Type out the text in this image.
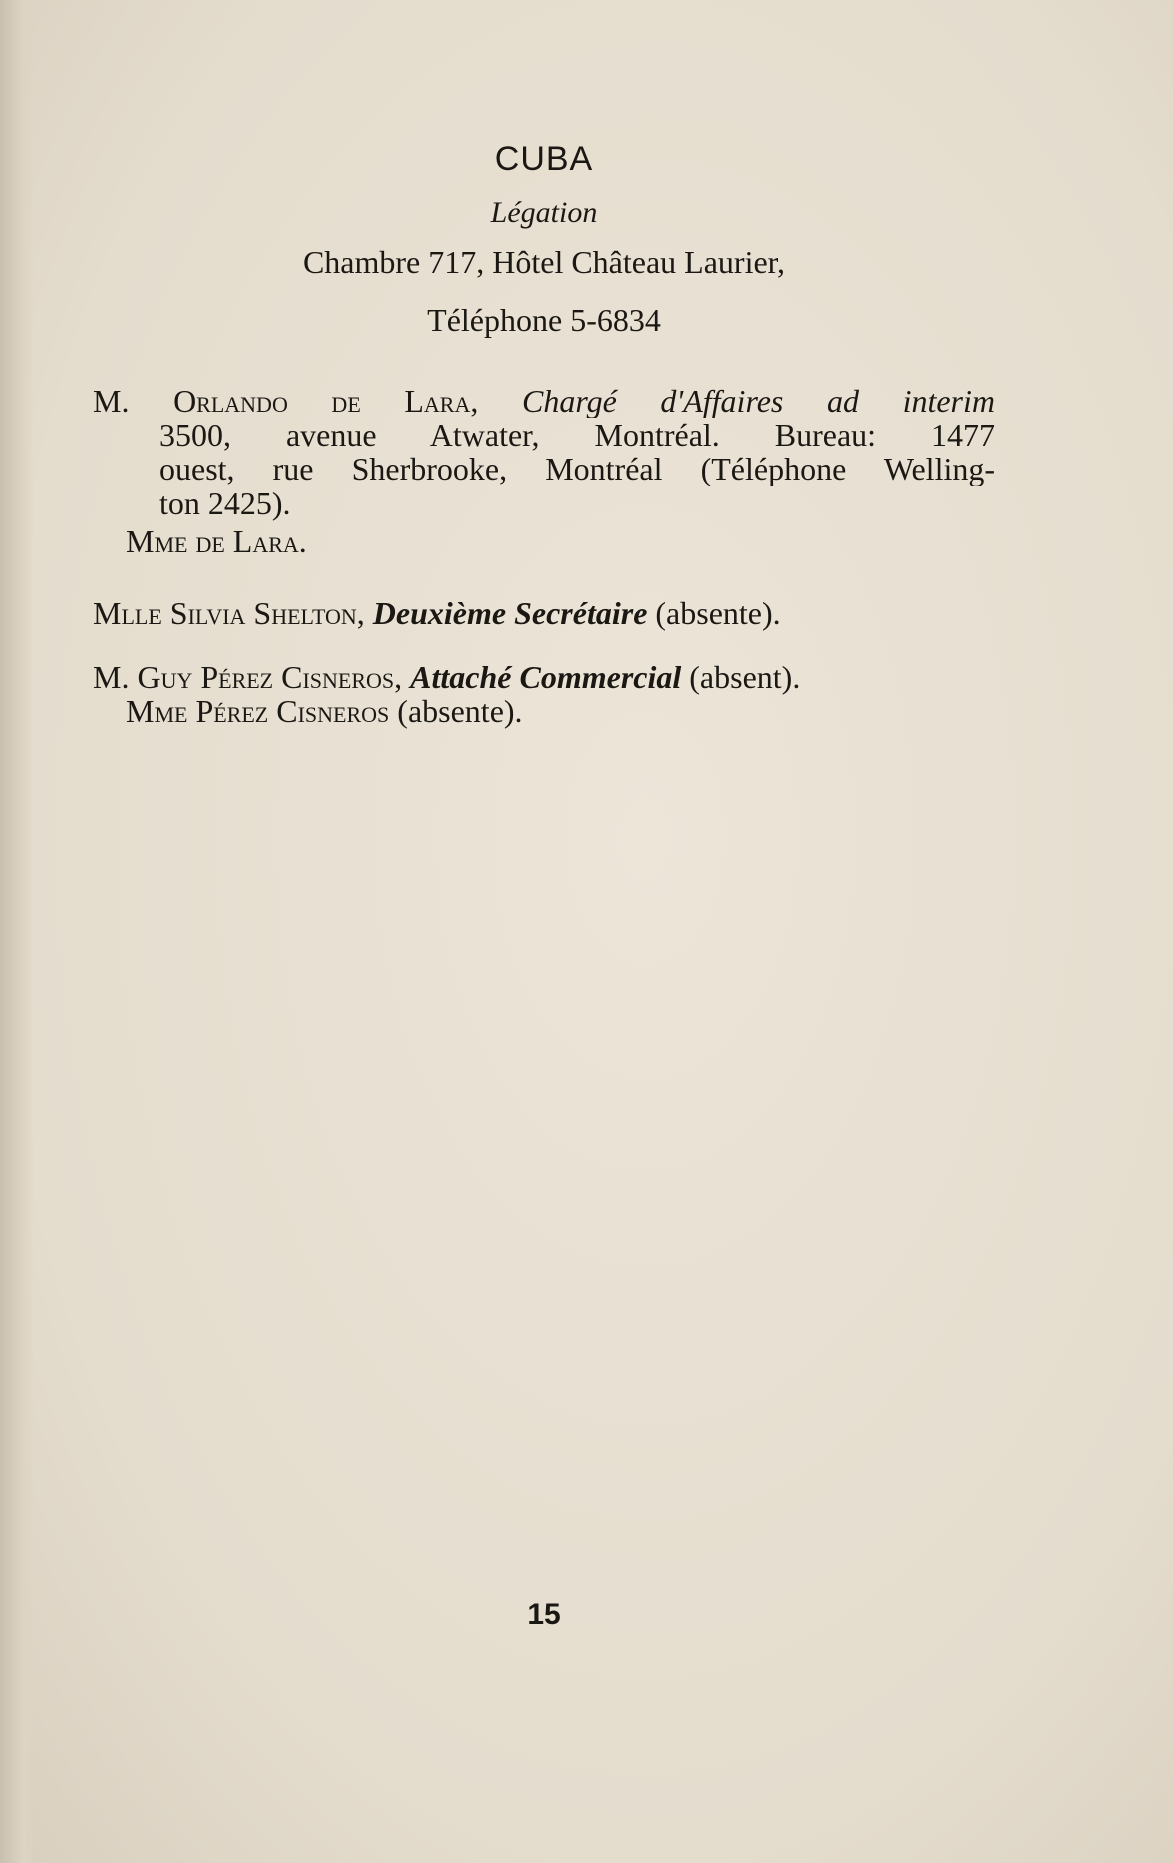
CUBA
Légation
Chambre 717, Hôtel Château Laurier,
Téléphone 5-6834
M. Orlando de Lara, Chargé d'Affaires ad interim
3500, avenue Atwater, Montréal. Bureau: 1477
ouest, rue Sherbrooke, Montréal (Téléphone Welling-
ton 2425).
Mme de Lara.
Mlle Silvia Shelton, Deuxième Secrétaire (absente).
M. Guy Pérez Cisneros, Attaché Commercial (absent).
Mme Pérez Cisneros (absente).
15
